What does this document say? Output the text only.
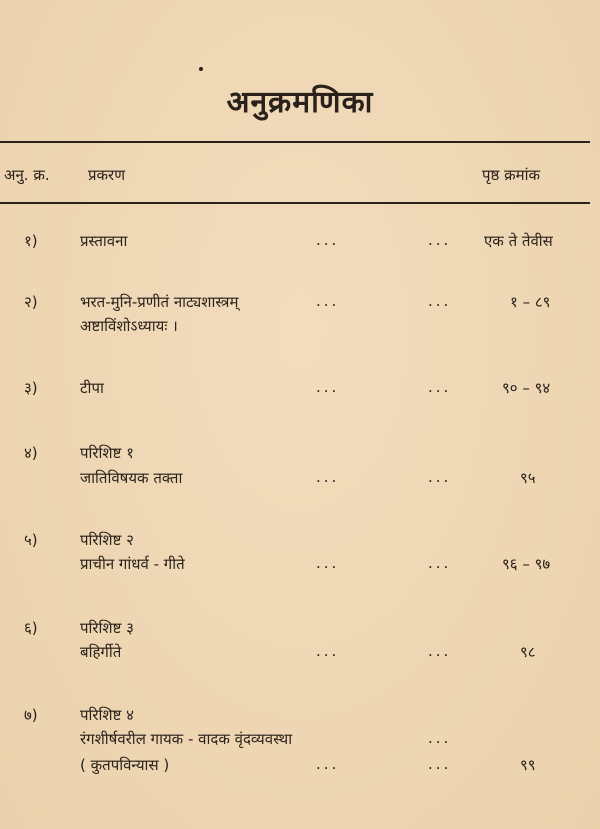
अनुक्रमणिका
अनु. क्र.	प्रकरण	पृष्ठ क्रमांक
१)	प्रस्तावना	...	... एक ते तेवीस
२)	भरत-मुनि-प्रणीतं नाट्यशास्त्रम्
अष्टाविंशोऽध्यायः ।
...	...	१ – ८९
३)	टीपा	...	...	९० – ९४
४)	परिशिष्ट १
जातिविषयक तक्ता	...	...	९५
५)	परिशिष्ट २
प्राचीन गांधर्व - गीते	...	...	९६ – ९७
६)	परिशिष्ट ३
बहिर्गीते	...	...	९८
७)	परिशिष्ट ४
रंगशीर्षवरील गायक - वादक वृंदव्यवस्था
( कुतपविन्यास )
...
...	...	९९
